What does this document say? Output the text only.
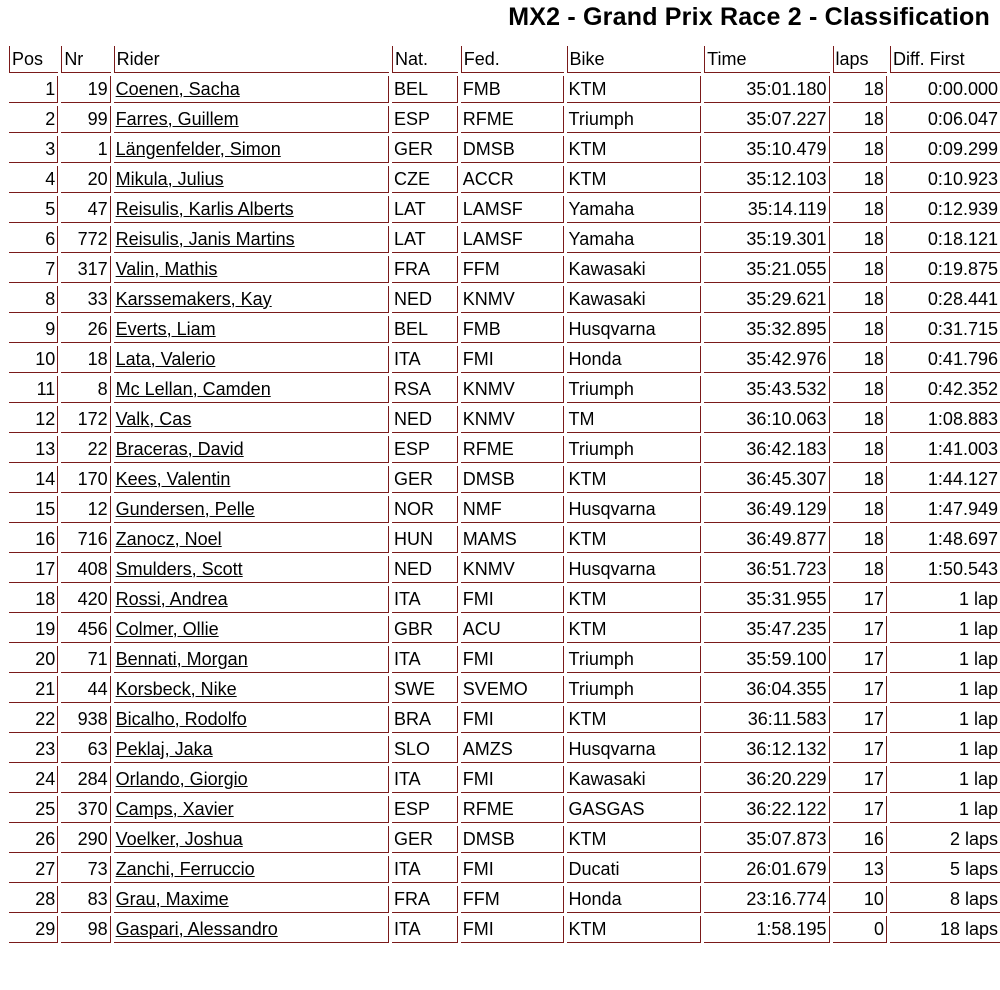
MX2 - Grand Prix Race 2 - Classification
Pos	Nr	Rider	Nat.	Fed.	Bike	Time	laps	Diff. First
1	19	Coenen, Sacha	BEL	FMB	KTM	35:01.180	18	0:00.000
2	99	Farres, Guillem	ESP	RFME	Triumph	35:07.227	18	0:06.047
3	1	Längenfelder, Simon	GER	DMSB	KTM	35:10.479	18	0:09.299
4	20	Mikula, Julius	CZE	ACCR	KTM	35:12.103	18	0:10.923
5	47	Reisulis, Karlis Alberts	LAT	LAMSF	Yamaha	35:14.119	18	0:12.939
6	772	Reisulis, Janis Martins	LAT	LAMSF	Yamaha	35:19.301	18	0:18.121
7	317	Valin, Mathis	FRA	FFM	Kawasaki	35:21.055	18	0:19.875
8	33	Karssemakers, Kay	NED	KNMV	Kawasaki	35:29.621	18	0:28.441
9	26	Everts, Liam	BEL	FMB	Husqvarna	35:32.895	18	0:31.715
10	18	Lata, Valerio	ITA	FMI	Honda	35:42.976	18	0:41.796
11	8	Mc Lellan, Camden	RSA	KNMV	Triumph	35:43.532	18	0:42.352
12	172	Valk, Cas	NED	KNMV	TM	36:10.063	18	1:08.883
13	22	Braceras, David	ESP	RFME	Triumph	36:42.183	18	1:41.003
14	170	Kees, Valentin	GER	DMSB	KTM	36:45.307	18	1:44.127
15	12	Gundersen, Pelle	NOR	NMF	Husqvarna	36:49.129	18	1:47.949
16	716	Zanocz, Noel	HUN	MAMS	KTM	36:49.877	18	1:48.697
17	408	Smulders, Scott	NED	KNMV	Husqvarna	36:51.723	18	1:50.543
18	420	Rossi, Andrea	ITA	FMI	KTM	35:31.955	17	1 lap
19	456	Colmer, Ollie	GBR	ACU	KTM	35:47.235	17	1 lap
20	71	Bennati, Morgan	ITA	FMI	Triumph	35:59.100	17	1 lap
21	44	Korsbeck, Nike	SWE	SVEMO	Triumph	36:04.355	17	1 lap
22	938	Bicalho, Rodolfo	BRA	FMI	KTM	36:11.583	17	1 lap
23	63	Peklaj, Jaka	SLO	AMZS	Husqvarna	36:12.132	17	1 lap
24	284	Orlando, Giorgio	ITA	FMI	Kawasaki	36:20.229	17	1 lap
25	370	Camps, Xavier	ESP	RFME	GASGAS	36:22.122	17	1 lap
26	290	Voelker, Joshua	GER	DMSB	KTM	35:07.873	16	2 laps
27	73	Zanchi, Ferruccio	ITA	FMI	Ducati	26:01.679	13	5 laps
28	83	Grau, Maxime	FRA	FFM	Honda	23:16.774	10	8 laps
29	98	Gaspari, Alessandro	ITA	FMI	KTM	1:58.195	0	18 laps
